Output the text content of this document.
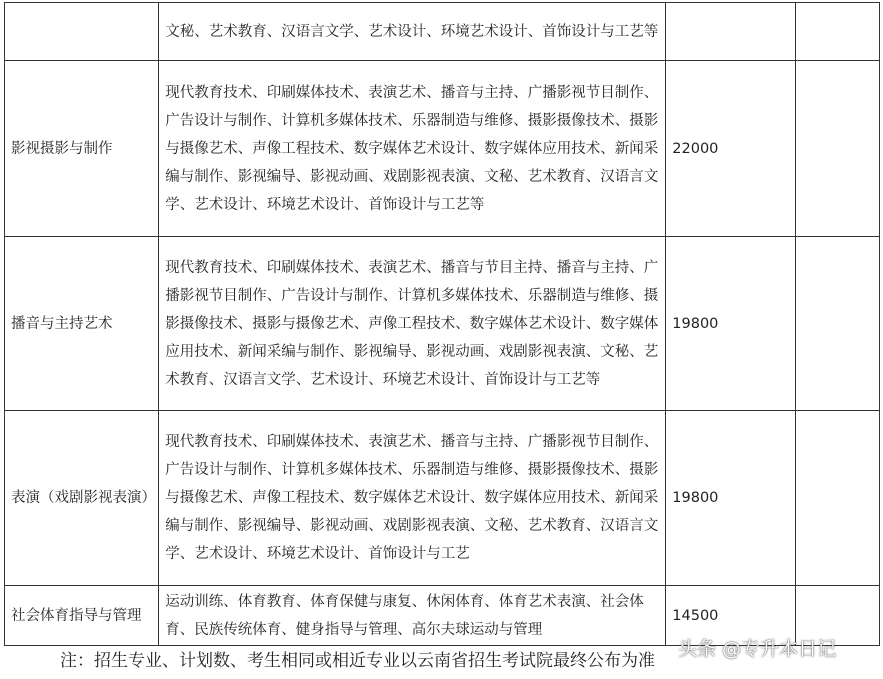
	文秘、艺术教育、汉语言文学、艺术设计、环境艺术设计、首饰设计与工艺等		
影视摄影与制作	现代教育技术、印刷媒体技术、表演艺术、播音与主持、广播影视节目制作、广告设计与制作、计算机多媒体技术、乐器制造与维修、摄影摄像技术、摄影与摄像艺术、声像工程技术、数字媒体艺术设计、数字媒体应用技术、新闻采编与制作、影视编导、影视动画、戏剧影视表演、文秘、艺术教育、汉语言文学、艺术设计、环境艺术设计、首饰设计与工艺等	22000	
播音与主持艺术	现代教育技术、印刷媒体技术、表演艺术、播音与节目主持、播音与主持、广播影视节目制作、广告设计与制作、计算机多媒体技术、乐器制造与维修、摄影摄像技术、摄影与摄像艺术、声像工程技术、数字媒体艺术设计、数字媒体应用技术、新闻采编与制作、影视编导、影视动画、戏剧影视表演、文秘、艺术教育、汉语言文学、艺术设计、环境艺术设计、首饰设计与工艺等	19800	
表演（戏剧影视表演）	现代教育技术、印刷媒体技术、表演艺术、播音与主持、广播影视节目制作、广告设计与制作、计算机多媒体技术、乐器制造与维修、摄影摄像技术、摄影与摄像艺术、声像工程技术、数字媒体艺术设计、数字媒体应用技术、新闻采编与制作、影视编导、影视动画、戏剧影视表演、文秘、艺术教育、汉语言文学、艺术设计、环境艺术设计、首饰设计与工艺	19800	
社会体育指导与管理	运动训练、体育教育、体育保健与康复、休闲体育、体育艺术表演、社会体育、民族传统体育、健身指导与管理、高尔夫球运动与管理	14500	
注：招生专业、计划数、考生相同或相近专业以云南省招生考试院最终公布为准
头条 @专升本日记
